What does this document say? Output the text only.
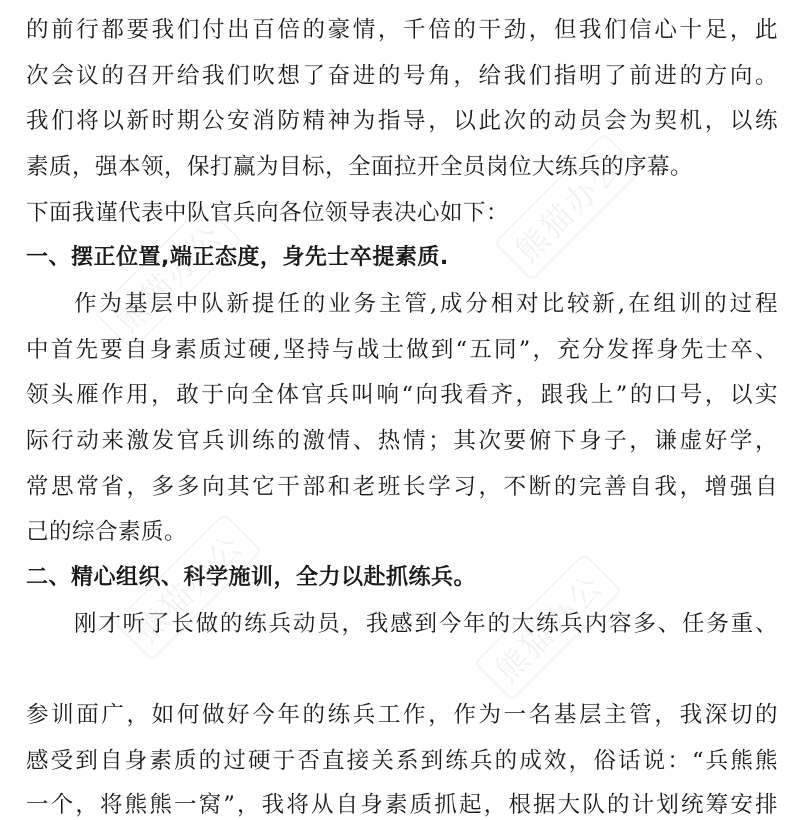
的前行都要我们付出百倍的豪情，千倍的干劲，但我们信心十足，此
次会议的召开给我们吹想了奋进的号角，给我们指明了前进的方向。
我们将以新时期公安消防精神为指导，以此次的动员会为契机，以练
素质，强本领，保打赢为目标，全面拉开全员岗位大练兵的序幕。
下面我谨代表中队官兵向各位领导表决心如下：
一、摆正位置,端正态度，身先士卒提素质.
作为基层中队新提任的业务主管,成分相对比较新,在组训的过程
中首先要自身素质过硬,坚持与战士做到“五同”，充分发挥身先士卒、
领头雁作用，敢于向全体官兵叫响“向我看齐，跟我上”的口号，以实
际行动来激发官兵训练的激情、热情；其次要俯下身子，谦虚好学，
常思常省，多多向其它干部和老班长学习，不断的完善自我，增强自
己的综合素质。
二、精心组织、科学施训，全力以赴抓练兵。
刚才听了长做的练兵动员，我感到今年的大练兵内容多、任务重、
参训面广，如何做好今年的练兵工作，作为一名基层主管，我深切的
感受到自身素质的过硬于否直接关系到练兵的成效，俗话说：“兵熊熊
一个，将熊熊一窝”，我将从自身素质抓起，根据大队的计划统筹安排
熊猫办公
熊猫办公	熊猫办公
熊猫办公
